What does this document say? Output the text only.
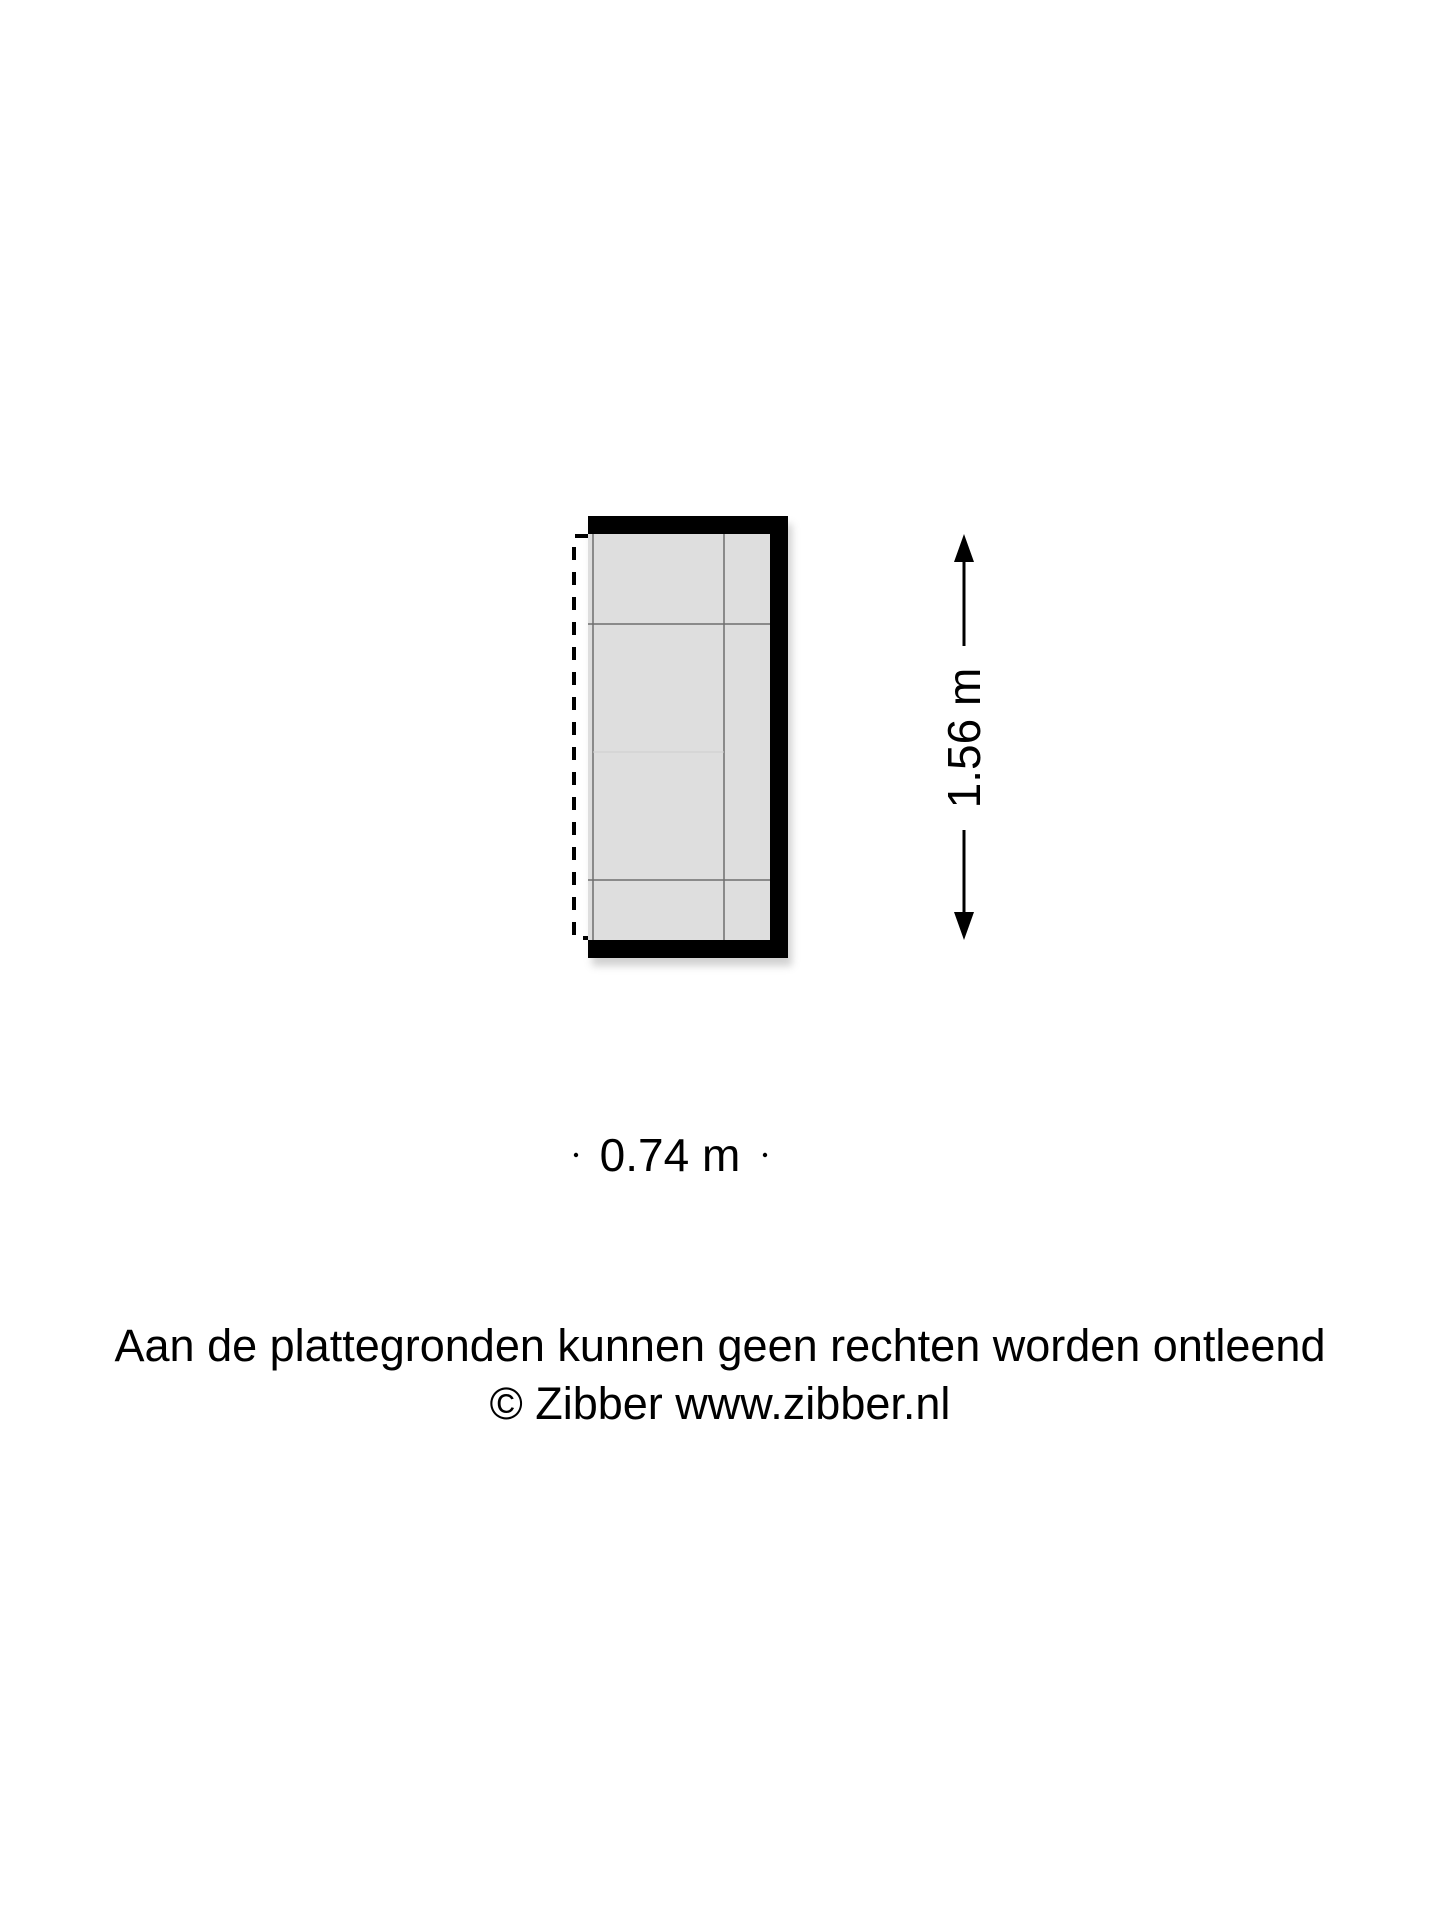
1.56 m
0.74 m
Aan de plattegronden kunnen geen rechten worden ontleend
© Zibber www.zibber.nl
